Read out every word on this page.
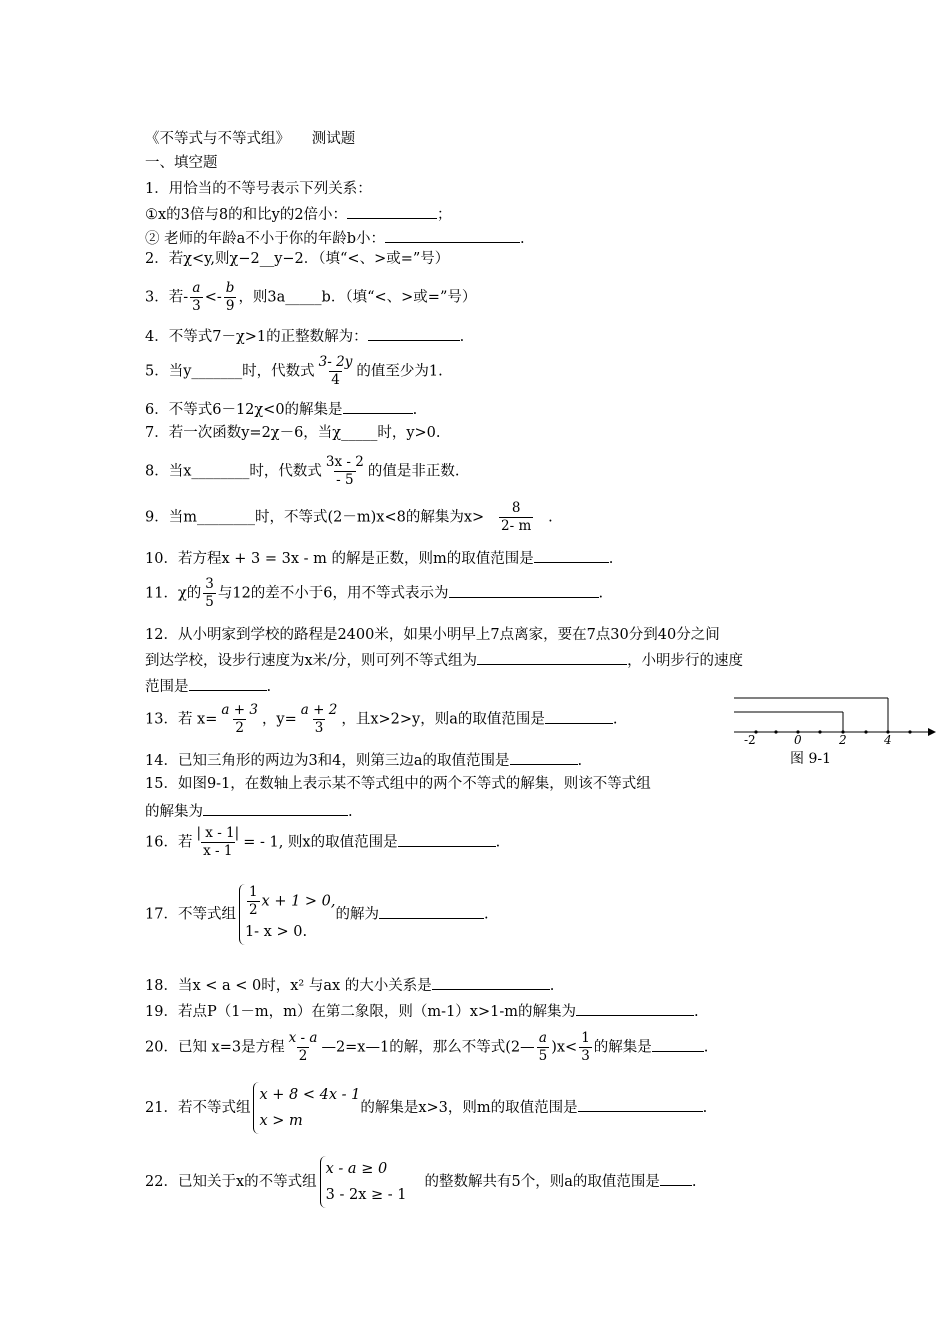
《不等式与不等式组》　　测试题
一、填空题
1．用恰当的不等号表示下列关系：
①x的3倍与8的和比y的2倍小：	；
② 老师的年龄a不小于你的年龄b小：	.
2．若χ<y,则χ−2__y−2．（填“<、>或=”号）
3．若- $\frac{a}{3} <- \frac{b}{9}$ ，则3a_____b．（填“<、>或=”号）
4．不等式7－χ>1的正整数解为：	.
5．当y_______时，代数式 $\frac{3- 2y}{4}$ 的值至少为1.
6．不等式6－12χ<0的解集是	.
7．若一次函数y=2χ－6，当χ_____时，y>0.
8．当x________时，代数式 $\frac{3x - 2}{- 5}$ 的值是非正数.
9．当m________时，不等式(2－m)x<8的解集为$x> \frac{8}{2- m}$ .
10．若方程x + 3 = 3x - m 的解是正数，则m的取值范围是	.
11．χ的 $\frac{3}{5}$ 与12的差不小于6，用不等式表示为	.
12．从小明家到学校的路程是2400米，如果小明早上7点离家，要在7点30分到40分之间
到达学校，设步行速度为x米/分，则可列不等式组为	，小明步行的速度
范围是	.
13．若 $x= \frac{a + 3}{2}$ ，$y= \frac{a + 2}{3}$ ，且x>2>y，则a的取值范围是	.
14．已知三角形的两边为3和4，则第三边a的取值范围是	.
15．如图9-1，在数轴上表示某不等式组中的两个不等式的解集，则该不等式组
的解集为	.
16．若 $\frac{| x - 1|}{x - 1}$ = - 1, 则x的取值范围是	.
17．不等式组 $\frac{1}{2}$ x + 1 > 0,
1- x > 0.
的解为	.
18．当x < a < 0时，x² 与ax 的大小关系是	.
19．若点P（1－m，m）在第二象限，则（m-1）x>1-m的解集为	.
20．已知 x=3是方程 $\frac{x - a}{2}$ —2=x—1的解，那么不等式(2— $\frac{a}{5} )x< \frac{1}{3}$ 的解集是	.
21．若不等式组
x + 8 < 4x - 1
x > m
的解集是x>3，则m的取值范围是	.
22．已知关于x的不等式组
x - a ≥ 0
3 - 2x ≥ - 1
的整数解共有5个，则a的取值范围是 .
-2	0	2	4
图 9-1
